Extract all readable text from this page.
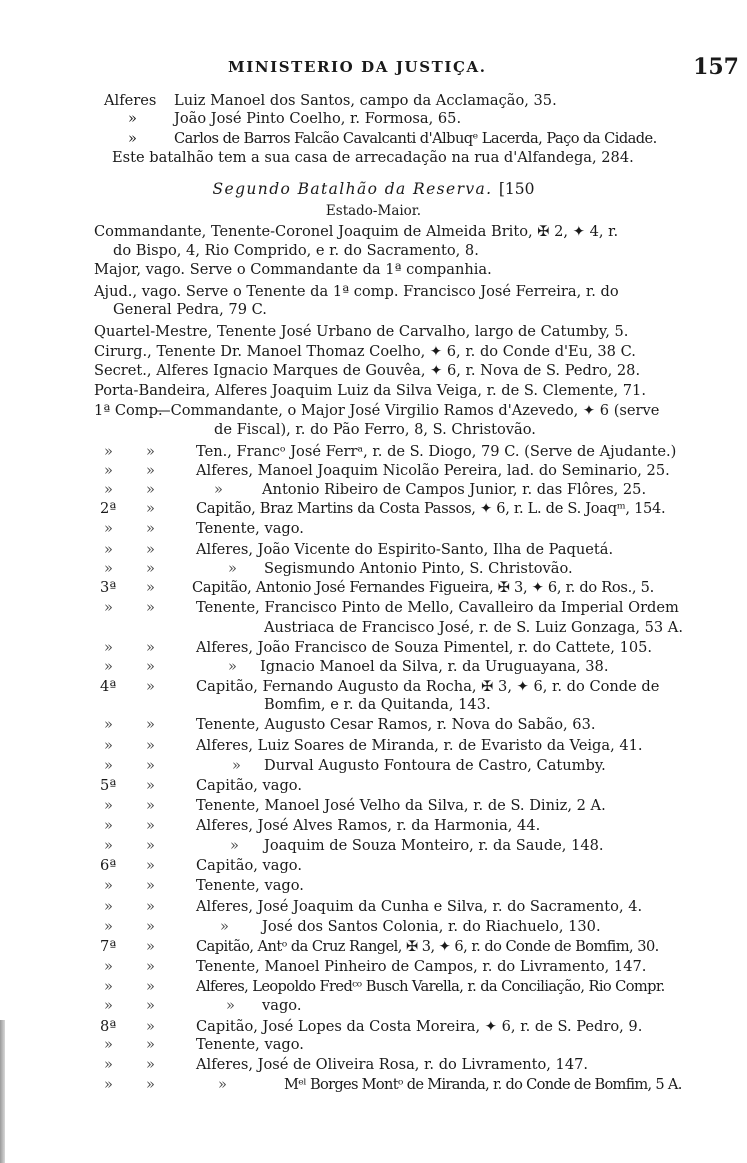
MINISTERIO DA JUSTIÇA.	157
Alferes Luiz Manoel dos Santos, campo da Acclamação, 35.
»	João José Pinto Coelho, r. Formosa, 65.
»	Carlos de Barros Falcão Cavalcanti d'Albuqᵉ Lacerda, Paço da Cidade.
Este batalhão tem a sua casa de arrecadação na rua d'Alfandega, 284.
Segundo Batalhão da Reserva. [150
Estado-Maior.
Commandante, Tenente-Coronel Joaquim de Almeida Brito, ✠ 2, ✦ 4, r.
do Bispo, 4, Rio Comprido, e r. do Sacramento, 8.
Major, vago. Serve o Commandante da 1ª companhia.
Ajud., vago. Serve o Tenente da 1ª comp. Francisco José Ferreira, r. do
General Pedra, 79 C.
Quartel-Mestre, Tenente José Urbano de Carvalho, largo de Catumby, 5.
Cirurg., Tenente Dr. Manoel Thomaz Coelho, ✦ 6, r. do Conde d'Eu, 38 C.
Secret., Alferes Ignacio Marques de Gouvêa, ✦ 6, r. Nova de S. Pedro, 28.
Porta-Bandeira, Alferes Joaquim Luiz da Silva Veiga, r. de S. Clemente, 71.
1ª Comp.
—Commandante, o Major José Virgilio Ramos d'Azevedo, ✦ 6 (serve
de Fiscal), r. do Pão Ferro, 8, S. Christovão.
» »	Ten., Francᵒ José Ferrᵃ, r. de S. Diogo, 79 C. (Serve de Ajudante.)
» »	Alferes, Manoel Joaquim Nicolão Pereira, lad. do Seminario, 25.
» »	»	Antonio Ribeiro de Campos Junior, r. das Flôres, 25.
2ª »	Capitão, Braz Martins da Costa Passos, ✦ 6, r. L. de S. Joaqᵐ, 154.
» »	Tenente, vago.
» »	Alferes, João Vicente do Espirito-Santo, Ilha de Paquetá.
» »	» Segismundo Antonio Pinto, S. Christovão.
3ª »	Capitão, Antonio José Fernandes Figueira, ✠ 3, ✦ 6, r. do Ros., 5.
» »	Tenente, Francisco Pinto de Mello, Cavalleiro da Imperial Ordem
Austriaca de Francisco José, r. de S. Luiz Gonzaga, 53 A.
» »	Alferes, João Francisco de Souza Pimentel, r. do Cattete, 105.
» »	» Ignacio Manoel da Silva, r. da Uruguayana, 38.
4ª »	Capitão, Fernando Augusto da Rocha, ✠ 3, ✦ 6, r. do Conde de
Bomfim, e r. da Quitanda, 143.
» »	Tenente, Augusto Cesar Ramos, r. Nova do Sabão, 63.
» »	Alferes, Luiz Soares de Miranda, r. de Evaristo da Veiga, 41.
» »	» Durval Augusto Fontoura de Castro, Catumby.
5ª »	Capitão, vago.
» »	Tenente, Manoel José Velho da Silva, r. de S. Diniz, 2 A.
» »	Alferes, José Alves Ramos, r. da Harmonia, 44.
» »	» Joaquim de Souza Monteiro, r. da Saude, 148.
6ª »	Capitão, vago.
» »	Tenente, vago.
» »	Alferes, José Joaquim da Cunha e Silva, r. do Sacramento, 4.
» »	» José dos Santos Colonia, r. do Riachuelo, 130.
7ª »	Capitão, Antᵒ da Cruz Rangel, ✠ 3, ✦ 6, r. do Conde de Bomfim, 30.
» »	Tenente, Manoel Pinheiro de Campos, r. do Livramento, 147.
» »	Alferes, Leopoldo Fredᶜᵒ Busch Varella, r. da Conciliação, Rio Compr.
» »	» vago.
8ª »	Capitão, José Lopes da Costa Moreira, ✦ 6, r. de S. Pedro, 9.
» »	Tenente, vago.
» »	Alferes, José de Oliveira Rosa, r. do Livramento, 147.
» »	»	Mᵉˡ Borges Montᵒ de Miranda, r. do Conde de Bomfim, 5 A.
